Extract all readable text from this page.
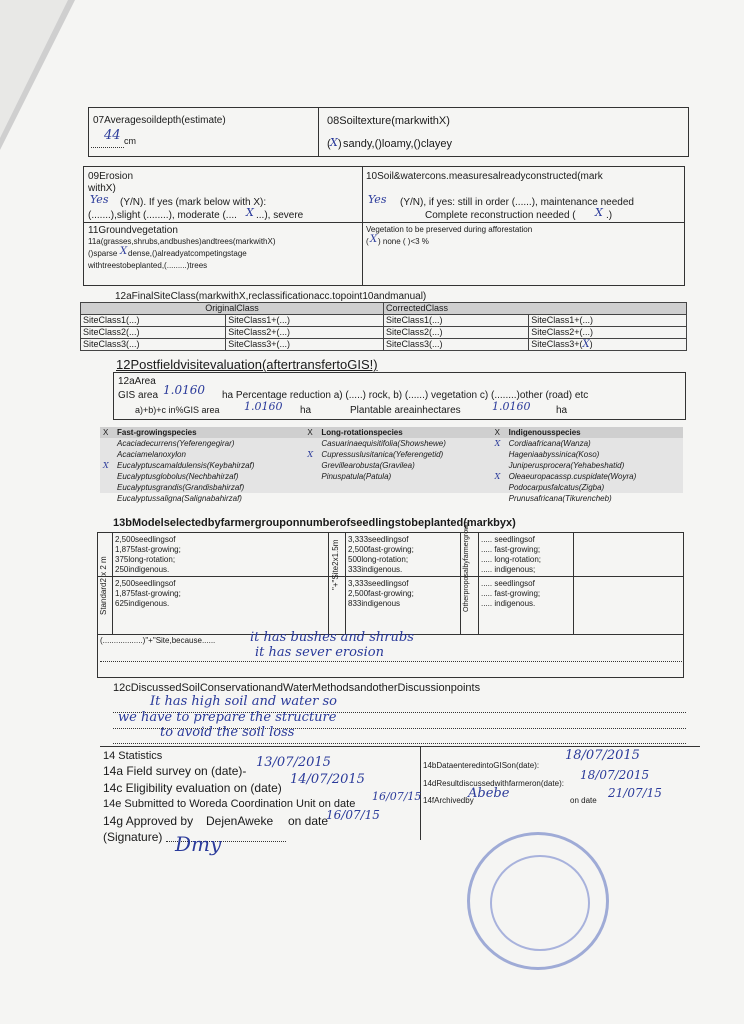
07Averagesoildepth(estimate)
44 cm
08Soiltexture(markwithX)
( X ) sandy,()loamy,()clayey
09Erosion
withX)
Yes (Y/N). If yes (mark below with X):
(.......),slight (........), moderate (.... X ...), severe
10Soil&watercons.measuresalreadyconstructed(mark
Yes (Y/N), if yes: still in order (......), maintenance needed
Complete reconstruction needed ( X .)
11Groundvegetation
11a(grasses,shrubs,andbushes)andtrees(markwithX)
()sparse X dense,()alreadyatcompetingstage
withtreestobeplanted,(.........)trees
Vegetation to be preserved during afforestation
( X ) none ( )<3 %
12aFinalSiteClass(markwithX,reclassificationacc.topoint10andmanual)
OriginalClass		CorrectedClass	
SiteClass1(...)	SiteClass1+(...)	SiteClass1(...)	SiteClass1+(...)
SiteClass2(...)	SiteClass2+(...)	SiteClass2(...)	SiteClass2+(...)
SiteClass3(...)	SiteClass3+(...)	SiteClass3(...)	SiteClass3+(X)
12Postfieldvisitevaluation(aftertransfertoGIS!)
12aArea
GIS area 1.0160 ha Percentage reduction a) (.....) rock, b) (......) vegetation c) (........)other (road) etc
a)+b)+c in%GIS area 1.0160 ha	Plantable areainhectares	1.0160	ha
X	Fast-growingspecies	X	Long-rotationspecies	X	Indigenousspecies
	Acaciadecurrens(Yeferengegirar)		Casuarinaequisitifolia(Showshewe)	X	Cordiaafricana(Wanza)
	Acaciamelanoxylon	X	Cupressuslusitanica(Yeferengetid)		Hageniaabyssinica(Koso)
X	Eucalyptuscamaldulensis(Keybahirzaf)		Grevillearobusta(Gravilea)		Juniperusprocera(Yehabeshatid)
	Eucalyptusglobolus(Nechbahirzaf)		Pinuspatula(Patula)	X	Oleaeuropacassp.cuspidate(Woyra)
	Eucalyptusgrandis(Grandisbahirzaf)				Podocarpusfalcatus(Zigba)
	Eucalyptussaligna(Salignabahirzaf)				Prunusafricana(Tikurencheb)
13bModelselectedbyfarmergrouponnumberofseedlingstobeplanted(markbyx)
Standard2 x 2 m	"+"Site2x1.5m	Otherproposalbyfarmergroup
2,500seedlingsof
1,875fast-growing;
375long-rotation;
250indigenous.
2,500seedlingsof
1,875fast-growing;
625indigenous.
3,333seedlingsof
2,500fast-growing;
500long-rotation;
333indigenous.
3,333seedlingsof
2,500fast-growing;
833indigenous
..... seedlingsof
..... fast-growing;
..... long-rotation;
..... indigenous;
..... seedlingsof
..... fast-growing;
..... indigenous.
(..................)"+"Site,because......	it has bushes and shrubs
it has sever erosion
12cDiscussedSoilConservationandWaterMethodsandotherDiscussionpoints
It has high soil and water so
we have to prepare the structure
to avoid the soil loss
14 Statistics
14a Field survey on (date)-
13/07/2015
14c Eligibility evaluation on (date)
14/07/2015
14e Submitted to Woreda Coordination Unit on date
16/07/15
14g Approved by DejenAweke on date
16/07/15
(Signature) Dmy
14bDataenteredintoGISon(date):
18/07/2015
14dResultdiscussedwithfarmeron(date):
18/07/2015
14fArchivedby
Abebe	on date
21/07/15
